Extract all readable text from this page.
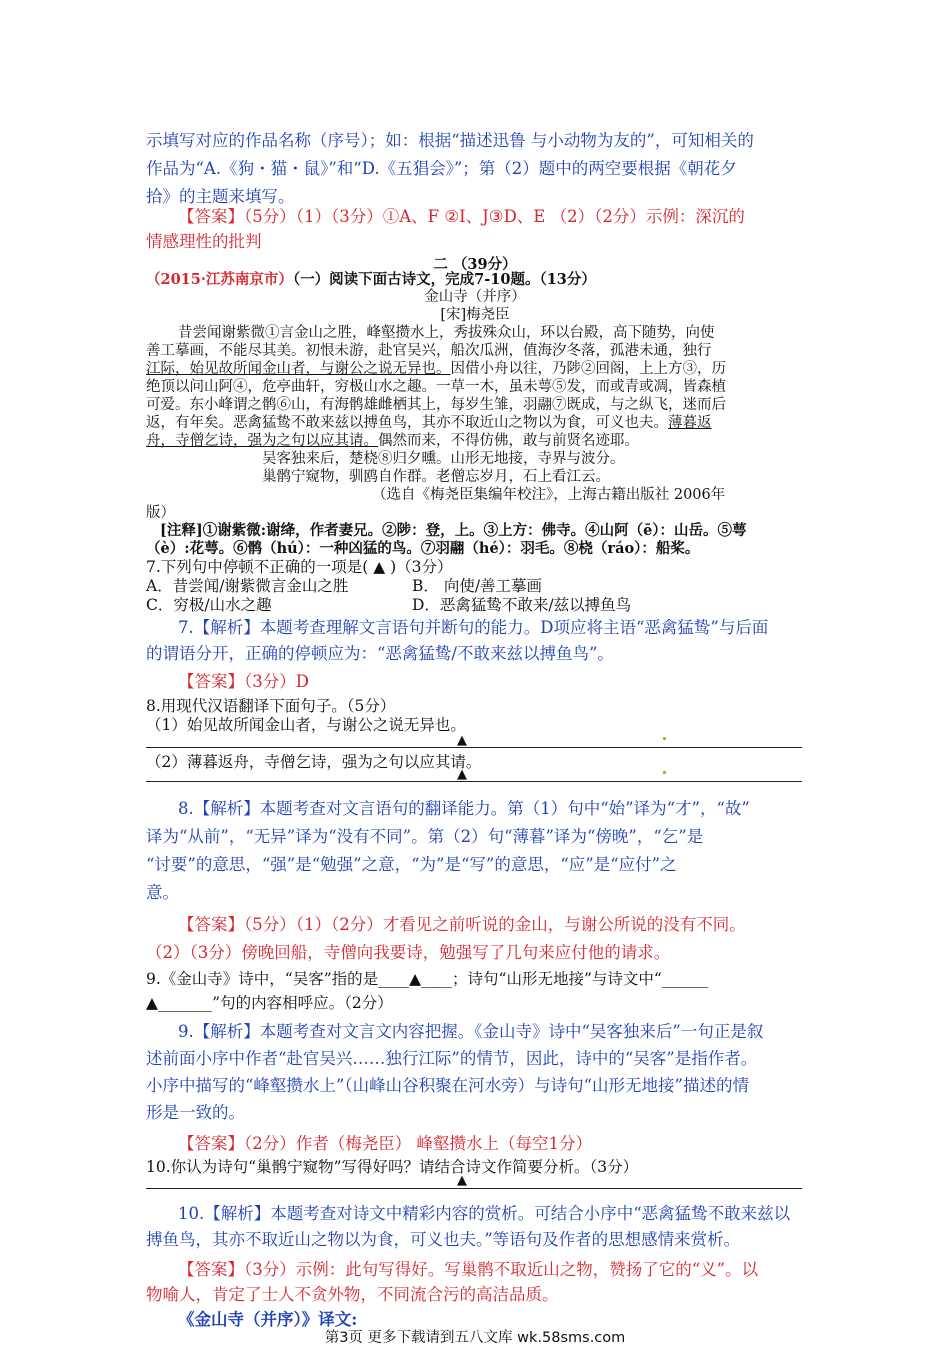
示填写对应的作品名称（序号）；如：根据“描述迅鲁 与小动物为友的”，可知相关的
作品为“A.《狗・猫・鼠》”和“D.《五猖会》”；第（2）题中的两空要根据《朝花夕
拾》的主题来填写。
【答案】（5分）（1）（3分）①A、F ②I、J③D、E （2）（2分）示例：深沉的
情感理性的批判
二 （39分）
（2015·江苏南京市）（一）阅读下面古诗文，完成7-10题。（13分）
金山寺（并序）
[宋]梅尧臣
昔尝闻谢紫微①言金山之胜，峰壑攒水上，秀拔殊众山，环以台殿，高下随势，向使
善工摹画，不能尽其美。初恨未游，赴官吴兴，船次瓜洲，值海汐冬落，孤港未通，独行
江际，始见故所闻金山者，与谢公之说无异也。因借小舟以往，乃陟②回阁，上上方③，历
绝顶以问山阿④，危亭曲轩，穷极山水之趣。一草一木，虽未萼⑤发，而或青或凋，皆森植
可爱。东小峰谓之鹘⑥山，有海鹘雄雌栖其上，每岁生雏，羽翮⑦既成，与之纵飞，迷而后
返，有年矣。恶禽猛鸷不敢来兹以搏鱼鸟，其亦不取近山之物以为食，可义也夫。薄暮返
舟，寺僧乞诗，强为之句以应其请。偶然而来，不得仿佛，敢与前贤名迹耶。
吴客独来后，楚桡⑧归夕曛。山形无地接，寺界与波分。
巢鹘宁窥物，驯鸥自作群。老僧忘岁月，石上看江云。
（选自《梅尧臣集编年校注》，上海古籍出版社 2006年
版）
[注释]①谢紫微:谢绛，作者妻兄。②陟：登，上。③上方：佛寺。④山阿（ē）：山岳。⑤萼
（è）:花萼。⑥鹘（hú）：一种凶猛的鸟。⑦羽翮（hé）：羽毛。⑧桡（ráo）：船桨。
7.下列句中停顿不正确的一项是( ▲ )（3分）
A．昔尝闻/谢紫微言金山之胜	B． 向使/善工摹画
C．穷极/山水之趣	D．恶禽猛鸷不敢来/兹以搏鱼鸟
7.【解析】本题考查理解文言语句并断句的能力。D项应将主语“恶禽猛鸷”与后面
的谓语分开，正确的停顿应为：“恶禽猛鸷/不敢来兹以搏鱼鸟”。
【答案】（3分）D
8.用现代汉语翻译下面句子。（5分）
（1）始见故所闻金山者，与谢公之说无异也。
▲
（2）薄暮返舟，寺僧乞诗，强为之句以应其请。
▲
8.【解析】本题考查对文言语句的翻译能力。第（1）句中“始”译为“才”，“故”
译为“从前”，“无异”译为“没有不同”。第（2）句“薄暮”译为“傍晚”，“乞”是
“讨要”的意思，“强”是“勉强”之意，“为”是“写”的意思，“应”是“应付”之
意。
【答案】（5分）（1）（2分）才看见之前听说的金山，与谢公所说的没有不同。
（2）（3分）傍晚回船，寺僧向我要诗，勉强写了几句来应付他的请求。
9.《金山寺》诗中，“吴客”指的是____▲____；诗句“山形无地接”与诗文中“______
▲_______”句的内容相呼应。（2分）
9.【解析】本题考查对文言文内容把握。《金山寺》诗中“吴客独来后”一句正是叙
述前面小序中作者“赴官吴兴……独行江际”的情节，因此，诗中的“吴客”是指作者。
小序中描写的“峰壑攒水上”（山峰山谷积聚在河水旁）与诗句“山形无地接”描述的情
形是一致的。
【答案】（2分）作者（梅尧臣） 峰壑攒水上（每空1分）
10.你认为诗句“巢鹘宁窥物”写得好吗？请结合诗文作简要分析。（3分）
▲
10.【解析】本题考查对诗文中精彩内容的赏析。可结合小序中“恶禽猛鸷不敢来兹以
搏鱼鸟，其亦不取近山之物以为食，可义也夫。”等语句及作者的思想感情来赏析。
【答案】（3分）示例：此句写得好。写巢鹘不取近山之物，赞扬了它的“义”。以
物喻人，肯定了士人不贪外物，不同流合污的高洁品质。
《金山寺（并序）》译文:
第3页 更多下载请到五八文库 wk.58sms.com
